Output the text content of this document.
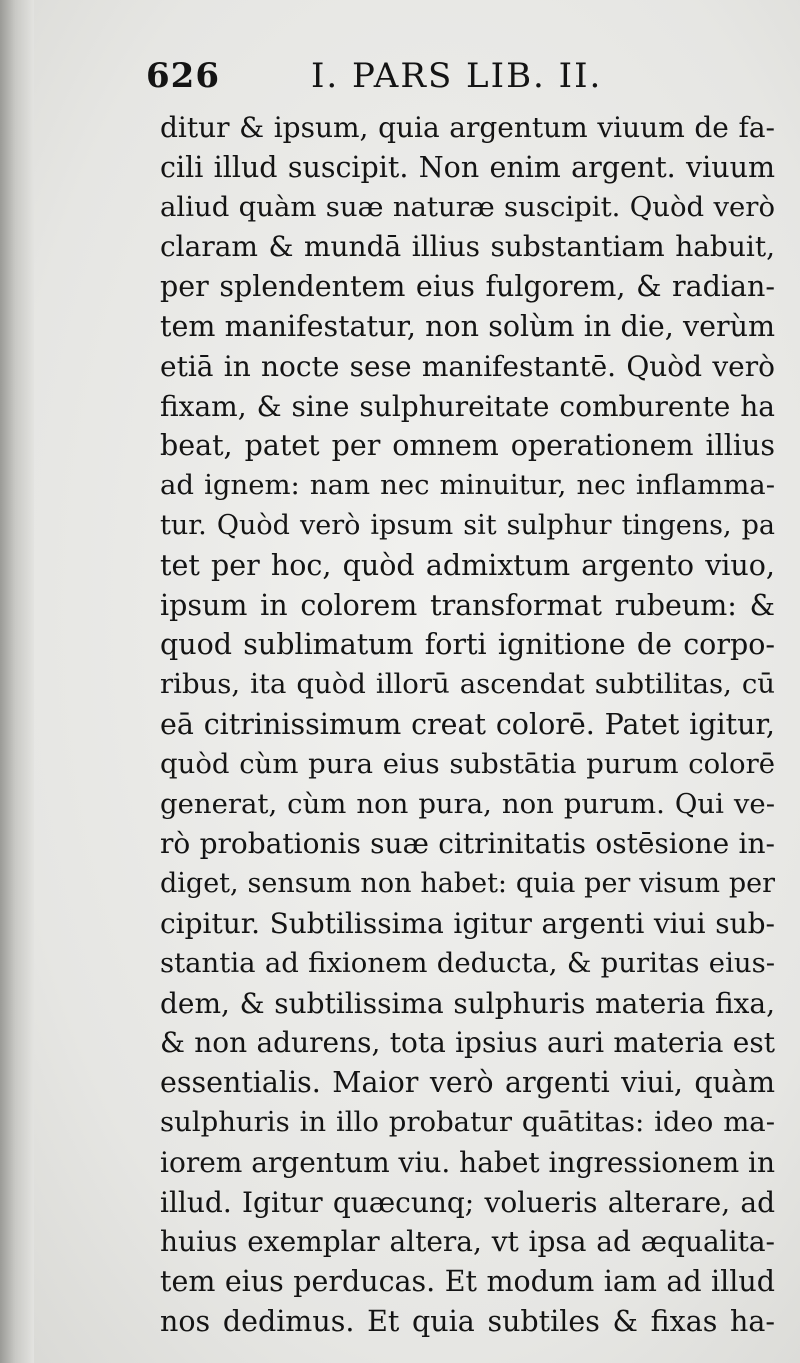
626	I. PARS LIB. II.
ditur & ipsum, quia argentum viuum de fa-
cili illud suscipit. Non enim argent. viuum
aliud quàm suæ naturæ suscipit. Quòd verò
claram & mundā illius substantiam habuit,
per splendentem eius fulgorem, & radian-
tem manifestatur, non solùm in die, verùm
etiā in nocte sese manifestantē. Quòd verò
fixam, & sine sulphureitate comburente ha
beat, patet per omnem operationem illius
ad ignem: nam nec minuitur, nec inflamma-
tur. Quòd verò ipsum sit sulphur tingens, pa
tet per hoc, quòd admixtum argento viuo,
ipsum in colorem transformat rubeum: &
quod sublimatum forti ignitione de corpo-
ribus, ita quòd illorū ascendat subtilitas, cū
eā citrinissimum creat colorē. Patet igitur,
quòd cùm pura eius substātia purum colorē
generat, cùm non pura, non purum. Qui ve-
rò probationis suæ citrinitatis ostēsione in-
diget, sensum non habet: quia per visum per
cipitur. Subtilissima igitur argenti viui sub-
stantia ad fixionem deducta, & puritas eius-
dem, & subtilissima sulphuris materia fixa,
& non adurens, tota ipsius auri materia est
essentialis. Maior verò argenti viui, quàm
sulphuris in illo probatur quātitas: ideo ma-
iorem argentum viu. habet ingressionem in
illud. Igitur quæcunq; volueris alterare, ad
huius exemplar altera, vt ipsa ad æqualita-
tem eius perducas. Et modum iam ad illud
nos dedimus. Et quia subtiles & fixas ha-
